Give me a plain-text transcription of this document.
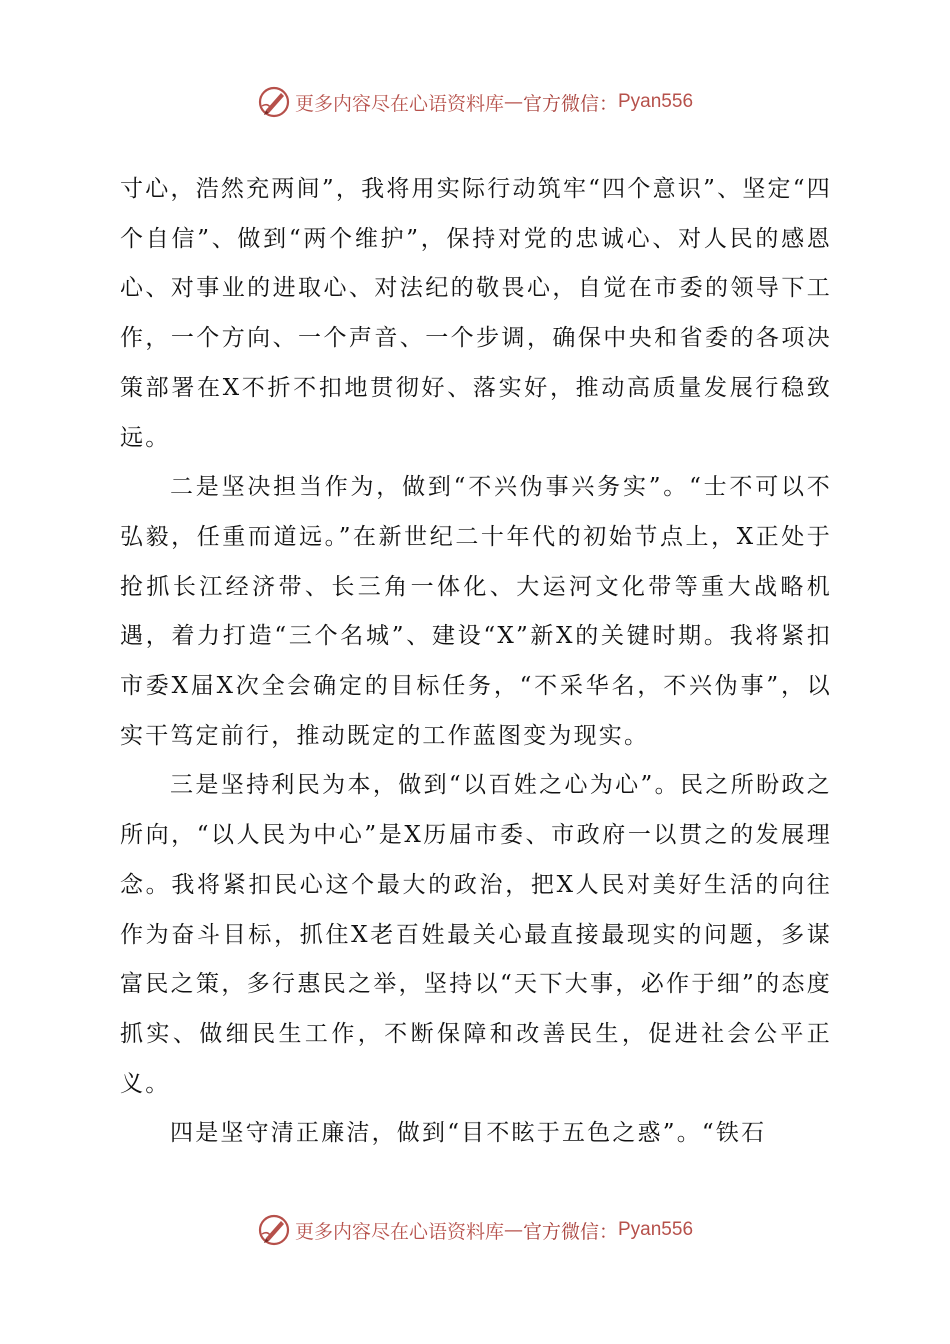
更多内容尽在心语资料库 — 官方微信： Pyan556

寸心，浩然充两间”，我将用实际行动筑牢“四个意识”、坚定“四个自信”、做到“两个维护”，保持对党的忠诚心、对人民的感恩心、对事业的进取心、对法纪的敬畏心，自觉在市委的领导下工作，一个方向、一个声音、一个步调，确保中央和省委的各项决策部署在X不折不扣地贯彻好、落实好，推动高质量发展行稳致远。

二是坚决担当作为，做到“不兴伪事兴务实”。“士不可以不弘毅，任重而道远。”在新世纪二十年代的初始节点上，X正处于抢抓长江经济带、长三角一体化、大运河文化带等重大战略机遇，着力打造“三个名城”、建设“X”新X的关键时期。我将紧扣市委X届X次全会确定的目标任务，“不采华名，不兴伪事”，以实干笃定前行，推动既定的工作蓝图变为现实。

三是坚持利民为本，做到“以百姓之心为心”。民之所盼政之所向，“以人民为中心”是X历届市委、市政府一以贯之的发展理念。我将紧扣民心这个最大的政治，把X人民对美好生活的向往作为奋斗目标，抓住X老百姓最关心最直接最现实的问题，多谋富民之策，多行惠民之举，坚持以“天下大事，必作于细”的态度抓实、做细民生工作，不断保障和改善民生，促进社会公平正义。

四是坚守清正廉洁，做到“目不眩于五色之惑”。“铁石

更多内容尽在心语资料库 — 官方微信： Pyan556
